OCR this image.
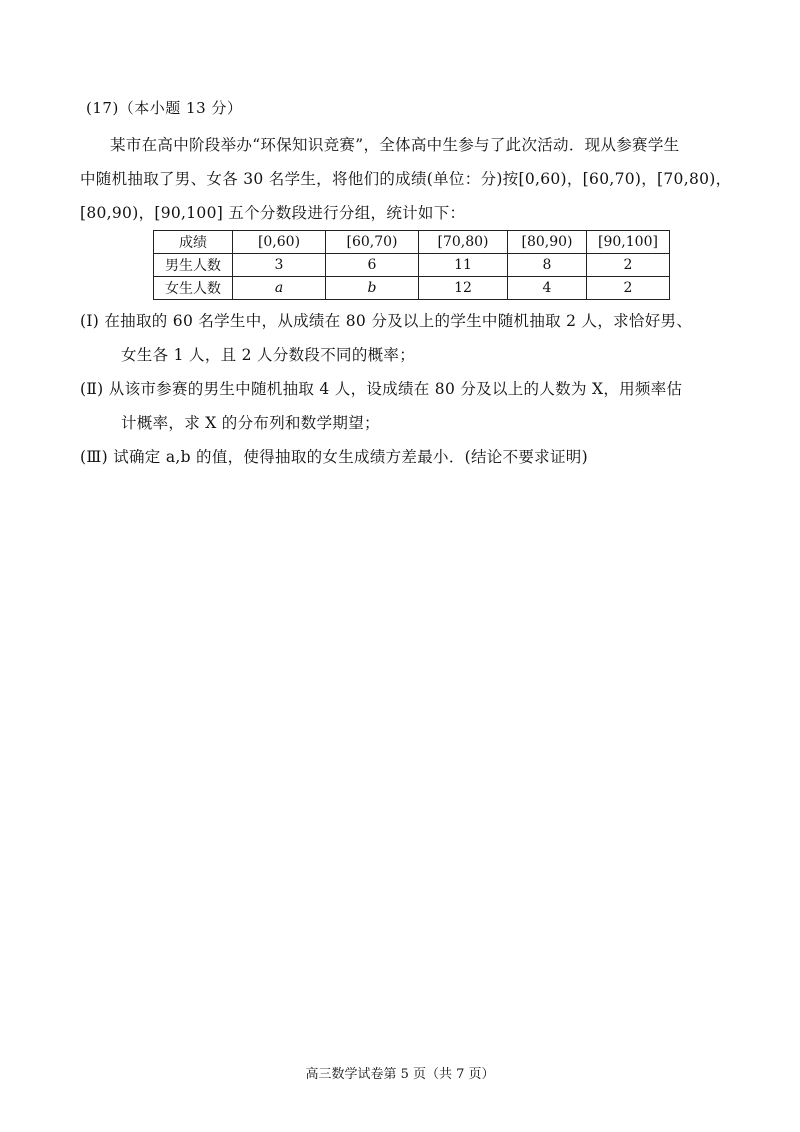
(17)（本小题 13 分）
某市在高中阶段举办“环保知识竞赛”，全体高中生参与了此次活动．现从参赛学生
中随机抽取了男、女各 30 名学生，将他们的成绩(单位：分)按[0,60)，[60,70)，[70,80)，
[80,90)，[90,100] 五个分数段进行分组，统计如下：
成绩	[0,60)	[60,70)	[70,80)	[80,90)	[90,100]
男生人数	3	6	11	8	2
女生人数	a	b	12	4	2
(Ⅰ) 在抽取的 60 名学生中，从成绩在 80 分及以上的学生中随机抽取 2 人，求恰好男、
女生各 1 人，且 2 人分数段不同的概率；
(Ⅱ) 从该市参赛的男生中随机抽取 4 人，设成绩在 80 分及以上的人数为 X，用频率估
计概率，求 X 的分布列和数学期望；
(Ⅲ) 试确定 a,b 的值，使得抽取的女生成绩方差最小．(结论不要求证明)
高三数学试卷第 5 页（共 7 页）
